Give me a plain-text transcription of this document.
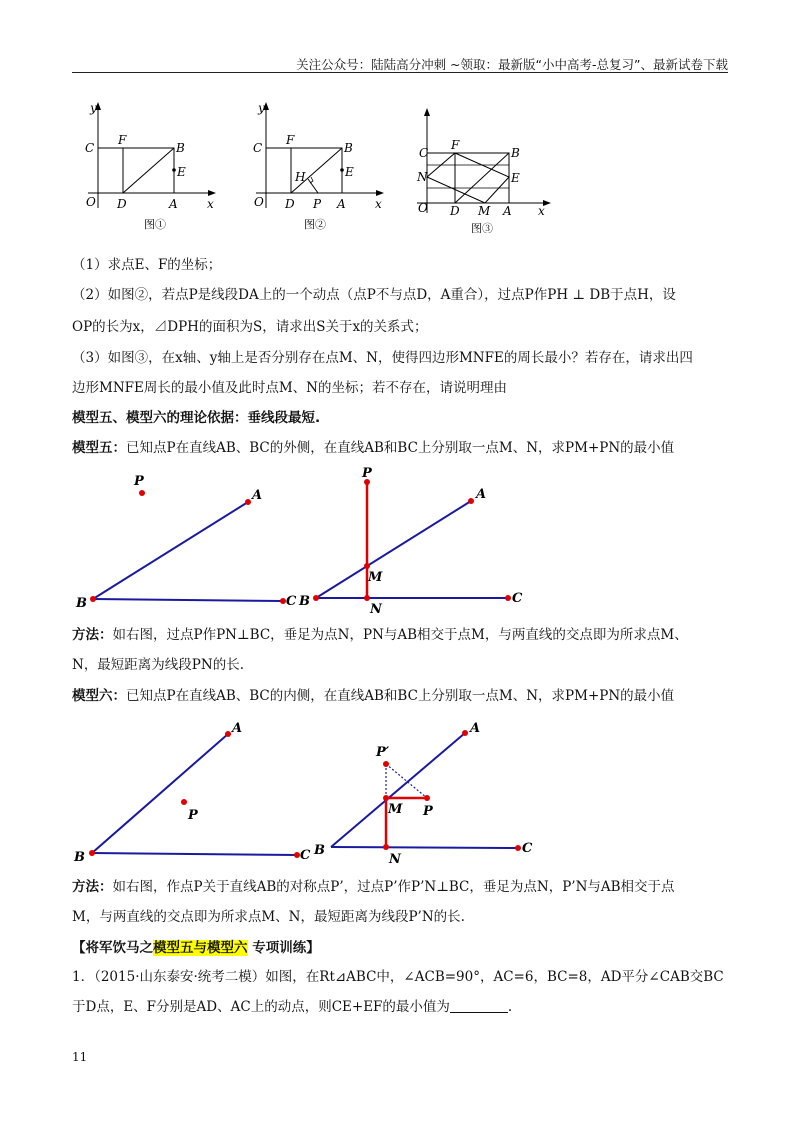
关注公众号：陆陆高分冲刺 ~领取：最新版“小中高考-总复习”、最新试卷下载
y
C
F
B
E
O D	A x
图①
y
C
F
B
E
H
O D P A x
图②
C
F
B
N	E
O D M A x
图③
（1）求点E、F的坐标；
（2）如图②，若点P是线段DA上的一个动点（点P不与点D，A重合），过点P作PH ⊥ DB于点H，设
OP的长为x，⊿DPH的面积为S，请求出S关于x的关系式；
（3）如图③，在x轴、y轴上是否分别存在点M、N，使得四边形MNFE的周长最小？若存在，请求出四
边形MNFE周长的最小值及此时点M、N的坐标；若不存在，请说明理由
模型五、模型六的理论依据：垂线段最短.
模型五：已知点P在直线AB、BC的外侧，在直线AB和BC上分别取一点M、N，求PM+PN的最小值
P
A
B	C
P
A
M
B
N
C
方法：如右图，过点P作PN⊥BC，垂足为点N，PN与AB相交于点M，与两直线的交点即为所求点M、
N，最短距离为线段PN的长.
模型六：已知点P在直线AB、BC的内侧，在直线AB和BC上分别取一点M、N，求PM+PN的最小值
A
B	C
P
A
P′
M P
B
N
C
方法：如右图，作点P关于直线AB的对称点P’，过点P’作P’N⊥BC，垂足为点N，P’N与AB相交于点
M，与两直线的交点即为所求点M、N，最短距离为线段P’N的长.
【将军饮马之模型五与模型六 专项训练】
1．（2015·山东泰安·统考二模）如图，在Rt⊿ABC中，∠ACB=90°，AC=6，BC=8，AD平分∠CAB交BC
于D点，E、F分别是AD、AC上的动点，则CE+EF的最小值为	.
11
